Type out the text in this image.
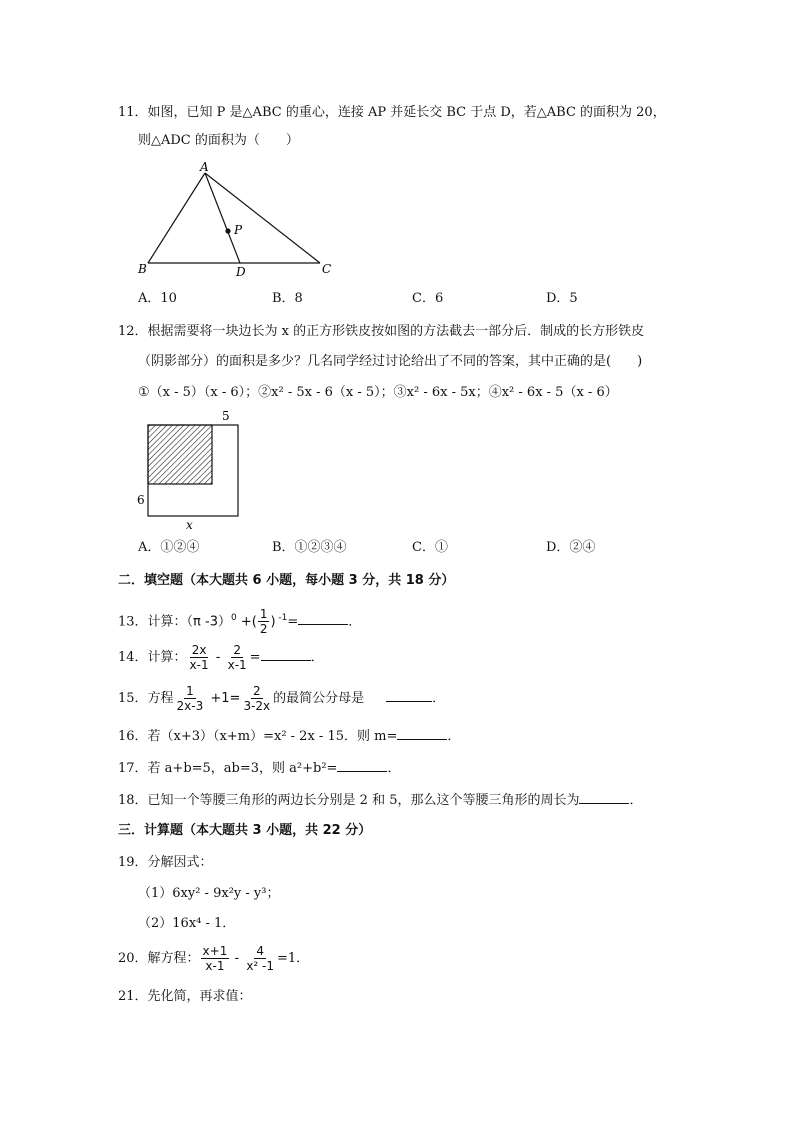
11．如图，已知 P 是△ABC 的重心，连接 AP 并延长交 BC 于点 D，若△ABC 的面积为 20，
则△ADC 的面积为（　　）
A
B	C
D
P
A．10	B．8	C．6	D．5
12．根据需要将一块边长为 x 的正方形铁皮按如图的方法截去一部分后．制成的长方形铁皮
（阴影部分）的面积是多少？几名同学经过讨论给出了不同的答案，其中正确的是(　　)
①（x - 5）（x - 6）；②x² - 5x - 6（x - 5）；③x² - 6x - 5x；④x² - 6x - 5（x - 6）
5
6
x
A．①②④	B．①②③④	C．①	D．②④
二．填空题（本大题共 6 小题，每小题 3 分，共 18 分）
13．计算：（π -3）$^0$ +( $\frac{1}{2}$ ) $^{-1}$=	．
14．计算： $\frac{2x}{x-1} - \frac{2}{x-1}$ =	．
15．方程 $\frac{1}{2x-3} +1= \frac{2}{3-2x}$ 的最简公分母是	．
16．若（x+3）（x+m）=x² - 2x - 15．则 m=	．
17．若 a+b=5，ab=3，则 a²+b²=	．
18．已知一个等腰三角形的两边长分别是 2 和 5，那么这个等腰三角形的周长为	．
三．计算题（本大题共 3 小题，共 22 分）
19．分解因式：
（1）6xy² - 9x²y - y³；
（2）16x⁴ - 1．
20．解方程： $\frac{x+1}{x-1} - \frac{4}{\text{x² -1}} =1$．
21．先化简，再求值：
